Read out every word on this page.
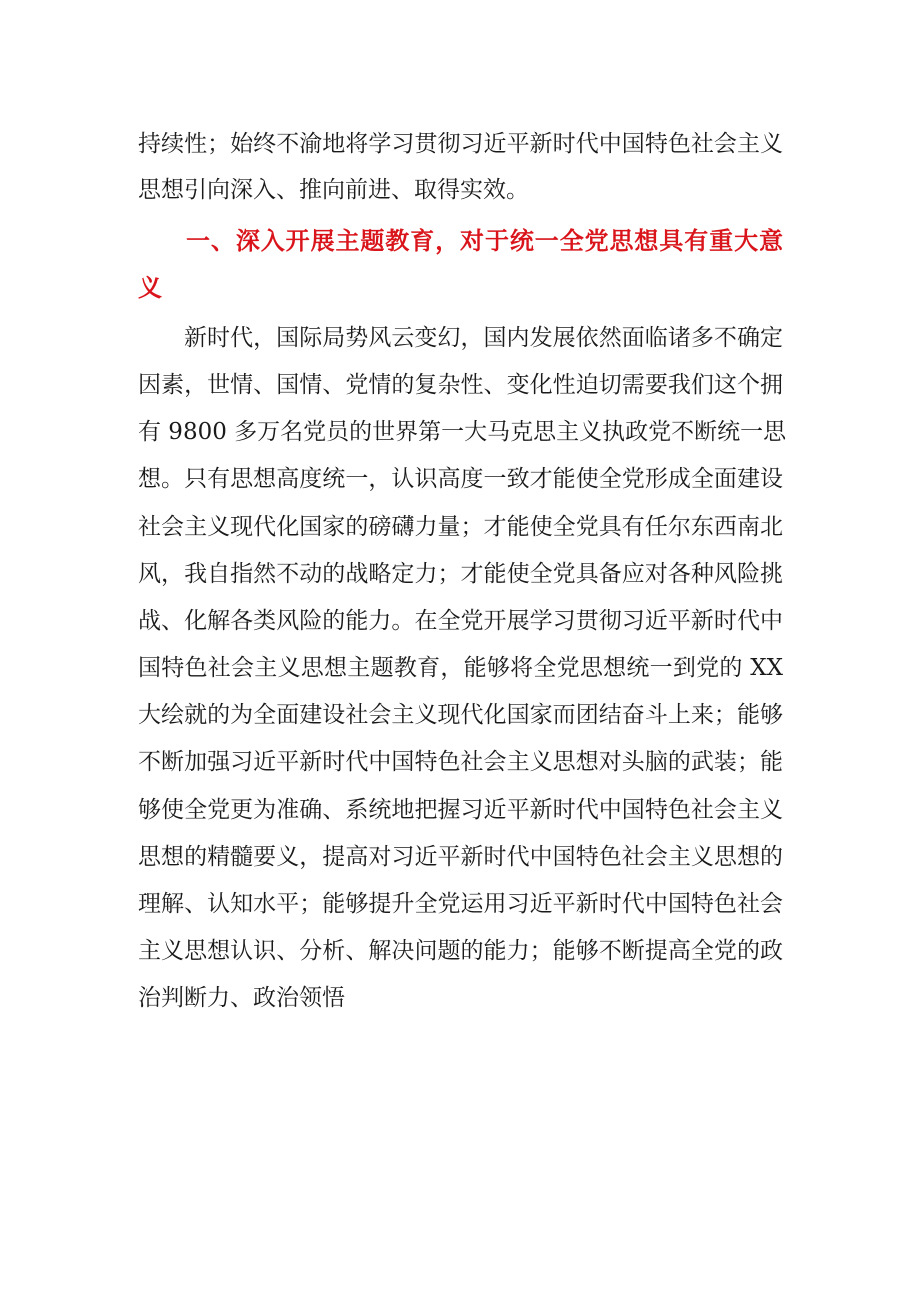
持续性；始终不渝地将学习贯彻习近平新时代中国特色社会主义
思想引向深入、推向前进、取得实效。
一、深入开展主题教育，对于统一全党思想具有重大意
义
新时代，国际局势风云变幻，国内发展依然面临诸多不确定
因素，世情、国情、党情的复杂性、变化性迫切需要我们这个拥
有 9800 多万名党员的世界第一大马克思主义执政党不断统一思
想。只有思想高度统一，认识高度一致才能使全党形成全面建设
社会主义现代化国家的磅礴力量；才能使全党具有任尔东西南北
风，我自指然不动的战略定力；才能使全党具备应对各种风险挑
战、化解各类风险的能力。在全党开展学习贯彻习近平新时代中
国特色社会主义思想主题教育，能够将全党思想统一到党的 XX
大绘就的为全面建设社会主义现代化国家而团结奋斗上来；能够
不断加强习近平新时代中国特色社会主义思想对头脑的武装；能
够使全党更为准确、系统地把握习近平新时代中国特色社会主义
思想的精髓要义，提高对习近平新时代中国特色社会主义思想的
理解、认知水平；能够提升全党运用习近平新时代中国特色社会
主义思想认识、分析、解决问题的能力；能够不断提高全党的政
治判断力、政治领悟
